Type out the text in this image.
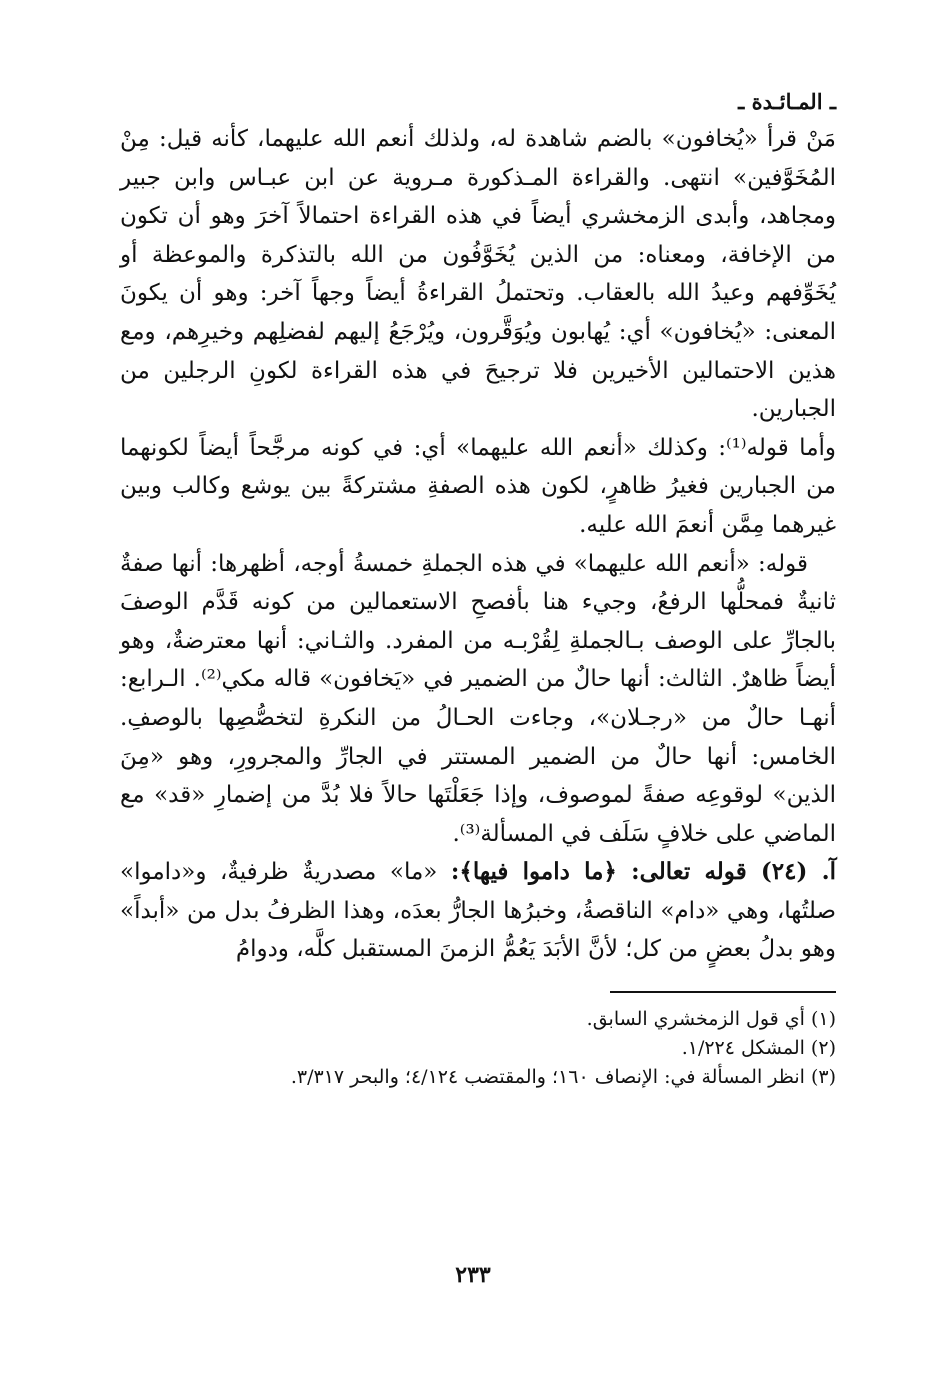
ـ المـائـدة ـ

مَنْ قرأ «يُخافون» بالضم شاهدة له، ولذلك أنعم الله عليهما، كأنه قيل: مِنْ المُخَوَّفين» انتهى. والقراءة المـذكورة مـروية عن ابن عبـاس وابن جبير ومجاهد، وأبدى الزمخشري أيضاً في هذه القراءة احتمالاً آخرَ وهو أن تكون من الإخافة، ومعناه: من الذين يُخَوَّفُون من الله بالتذكرة والموعظة أو يُخَوِّفهم وعيدُ الله بالعقاب. وتحتملُ القراءةُ أيضاً وجهاً آخر: وهو أن يكونَ المعنى: «يُخافون» أي: يُهابون ويُوَقَّرون، ويُرْجَعُ إليهم لفضلِهم وخيرِهم، ومع هذين الاحتمالين الأخيرين فلا ترجيحَ في هذه القراءة لكونِ الرجلين من الجبارين.

وأما قوله⁽¹⁾: وكذلك «أنعم الله عليهما» أي: في كونه مرجَّحاً أيضاً لكونهما من الجبارين فغيرُ ظاهرٍ، لكون هذه الصفةِ مشتركةً بين يوشع وكالب وبين غيرهما مِمَّن أنعمَ الله عليه.

قوله: «أنعم الله عليهما» في هذه الجملةِ خمسةُ أوجه، أظهرها: أنها صفةٌ ثانيةٌ فمحلُّها الرفعُ، وجيء هنا بأفصحِ الاستعمالين من كونه قَدَّم الوصفَ بالجارِّ على الوصف بـالجملةِ لِقُرْبـه من المفرد. والثـاني: أنها معترضةٌ، وهو أيضاً ظاهرٌ. الثالث: أنها حالٌ من الضمير في «يَخافون» قاله مكي⁽²⁾. الـرابع: أنهـا حالٌ من «رجـلان»، وجاءت الحـالُ من النكرةِ لتخصُّصِها بالوصفِ. الخامس: أنها حالٌ من الضمير المستتر في الجارِّ والمجرورِ، وهو «مِنَ الذين» لوقوعِه صفةً لموصوف، وإذا جَعَلْتَها حالاً فلا بُدَّ من إضمارِ «قد» مع الماضي على خلافٍ سَلَف في المسألة⁽³⁾.

آ. (٢٤) قوله تعالى: ﴿ما داموا فيها﴾: «ما» مصدريةٌ ظرفيةٌ، و«داموا» صلتُها، وهي «دام» الناقصةُ، وخبرُها الجارُّ بعدَه، وهذا الظرفُ بدل من «أبداً» وهو بدلُ بعضٍ من كل؛ لأنَّ الأبَدَ يَعُمُّ الزمنَ المستقبل كلَّه، ودوامُ

(١) أي قول الزمخشري السابق.

(٢) المشكل ١/٢٢٤.

(٣) انظر المسألة في: الإنصاف ١٦٠؛ والمقتضب ٤/١٢٤؛ والبحر ٣/٣١٧.

٢٣٣
